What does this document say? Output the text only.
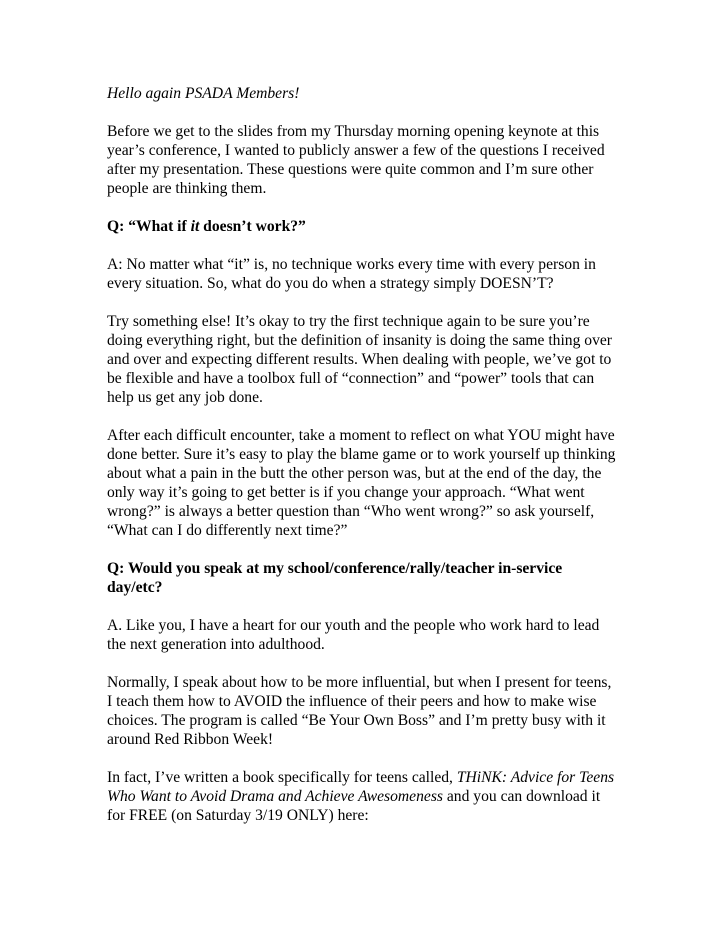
Hello again PSADA Members!

Before we get to the slides from my Thursday morning opening keynote at this year’s conference, I wanted to publicly answer a few of the questions I received after my presentation. These questions were quite common and I’m sure other people are thinking them.

Q: “What if it doesn’t work?”

A: No matter what “it” is, no technique works every time with every person in every situation. So, what do you do when a strategy simply DOESN’T?

Try something else! It’s okay to try the first technique again to be sure you’re doing everything right, but the definition of insanity is doing the same thing over and over and expecting different results. When dealing with people, we’ve got to be flexible and have a toolbox full of “connection” and “power” tools that can help us get any job done.

After each difficult encounter, take a moment to reflect on what YOU might have done better. Sure it’s easy to play the blame game or to work yourself up thinking about what a pain in the butt the other person was, but at the end of the day, the only way it’s going to get better is if you change your approach. “What went wrong?” is always a better question than “Who went wrong?” so ask yourself, “What can I do differently next time?”

Q: Would you speak at my school/conference/rally/teacher in-service day/etc?

A. Like you, I have a heart for our youth and the people who work hard to lead the next generation into adulthood.

Normally, I speak about how to be more influential, but when I present for teens, I teach them how to AVOID the influence of their peers and how to make wise choices. The program is called “Be Your Own Boss” and I’m pretty busy with it around Red Ribbon Week!

In fact, I’ve written a book specifically for teens called, THiNK: Advice for Teens Who Want to Avoid Drama and Achieve Awesomeness and you can download it for FREE (on Saturday 3/19 ONLY) here:
